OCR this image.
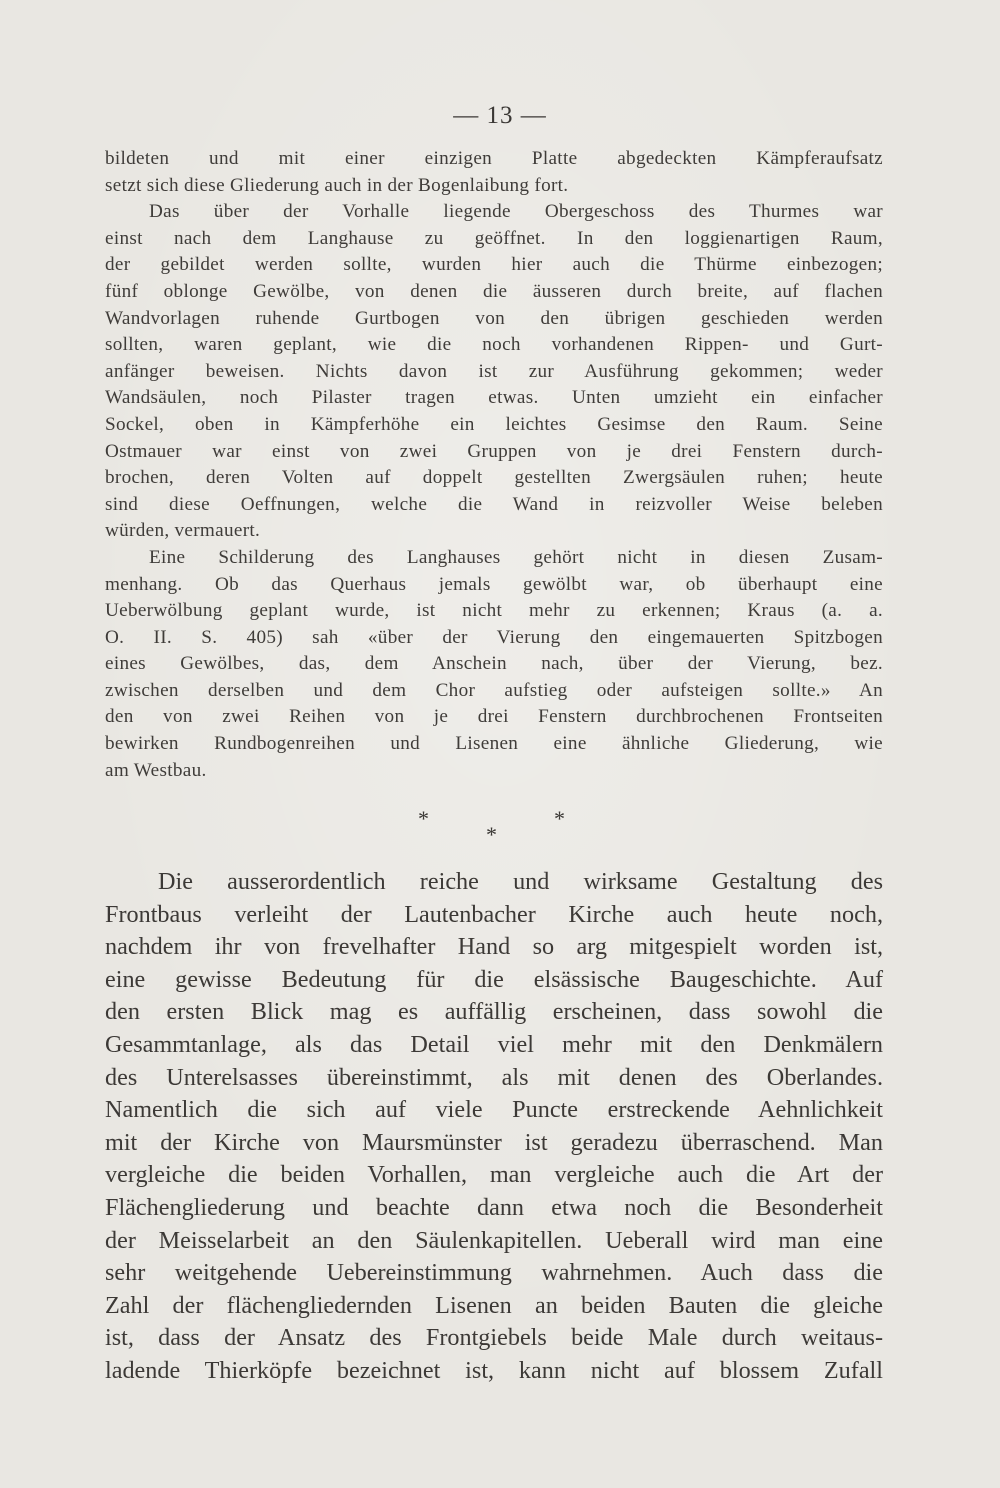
— 13 —
bildeten und mit einer einzigen Platte abgedeckten Kämpferaufsatz
setzt sich diese Gliederung auch in der Bogenlaibung fort.
Das über der Vorhalle liegende Obergeschoss des Thurmes war
einst nach dem Langhause zu geöffnet. In den loggienartigen Raum,
der gebildet werden sollte, wurden hier auch die Thürme einbezogen;
fünf oblonge Gewölbe, von denen die äusseren durch breite, auf flachen
Wandvorlagen ruhende Gurtbogen von den übrigen geschieden werden
sollten, waren geplant, wie die noch vorhandenen Rippen- und Gurt-
anfänger beweisen. Nichts davon ist zur Ausführung gekommen; weder
Wandsäulen, noch Pilaster tragen etwas. Unten umzieht ein einfacher
Sockel, oben in Kämpferhöhe ein leichtes Gesimse den Raum. Seine
Ostmauer war einst von zwei Gruppen von je drei Fenstern durch-
brochen, deren Volten auf doppelt gestellten Zwergsäulen ruhen; heute
sind diese Oeffnungen, welche die Wand in reizvoller Weise beleben
würden, vermauert.
Eine Schilderung des Langhauses gehört nicht in diesen Zusam-
menhang. Ob das Querhaus jemals gewölbt war, ob überhaupt eine
Ueberwölbung geplant wurde, ist nicht mehr zu erkennen; Kraus (a. a.
O. II. S. 405) sah «über der Vierung den eingemauerten Spitzbogen
eines Gewölbes, das, dem Anschein nach, über der Vierung, bez.
zwischen derselben und dem Chor aufstieg oder aufsteigen sollte.» An
den von zwei Reihen von je drei Fenstern durchbrochenen Frontseiten
bewirken Rundbogenreihen und Lisenen eine ähnliche Gliederung, wie
am Westbau.
*	*
*
Die ausserordentlich reiche und wirksame Gestaltung des
Frontbaus verleiht der Lautenbacher Kirche auch heute noch,
nachdem ihr von frevelhafter Hand so arg mitgespielt worden ist,
eine gewisse Bedeutung für die elsässische Baugeschichte. Auf
den ersten Blick mag es auffällig erscheinen, dass sowohl die
Gesammtanlage, als das Detail viel mehr mit den Denkmälern
des Unterelsasses übereinstimmt, als mit denen des Oberlandes.
Namentlich die sich auf viele Puncte erstreckende Aehnlichkeit
mit der Kirche von Maursmünster ist geradezu überraschend. Man
vergleiche die beiden Vorhallen, man vergleiche auch die Art der
Flächengliederung und beachte dann etwa noch die Besonderheit
der Meisselarbeit an den Säulenkapitellen. Ueberall wird man eine
sehr weitgehende Uebereinstimmung wahrnehmen. Auch dass die
Zahl der flächengliedernden Lisenen an beiden Bauten die gleiche
ist, dass der Ansatz des Frontgiebels beide Male durch weitaus-
ladende Thierköpfe bezeichnet ist, kann nicht auf blossem Zufall
